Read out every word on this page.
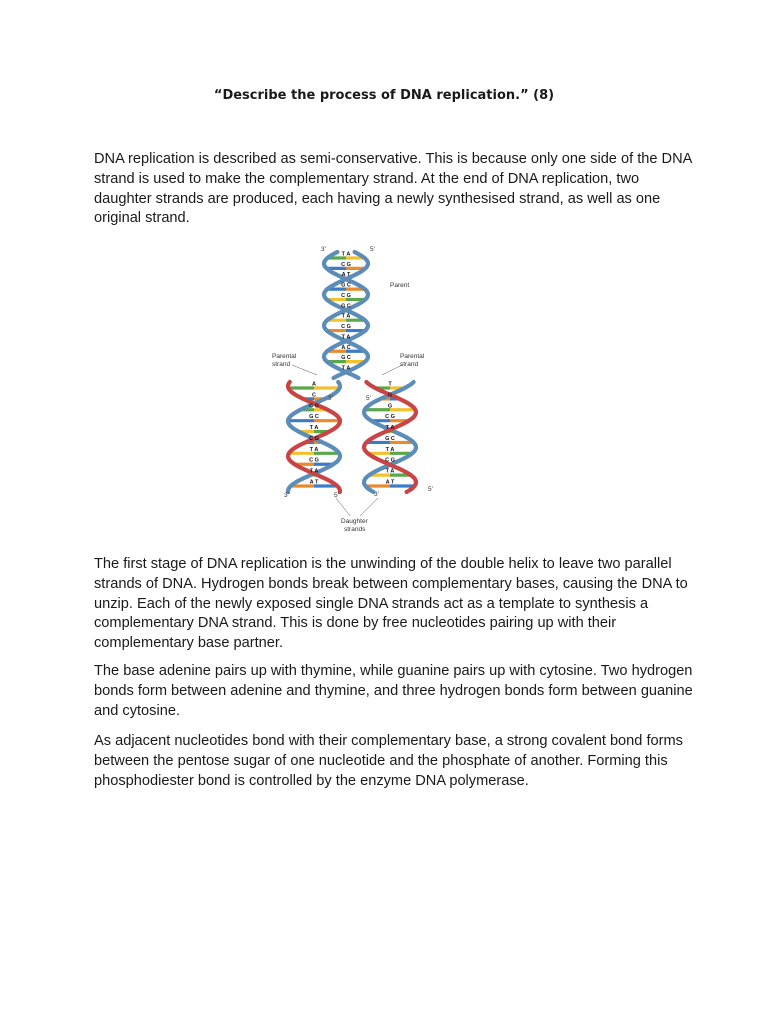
“Describe the process of DNA replication.” (8)

DNA replication is described as semi-conservative. This is because only one side of the DNA strand is used to make the complementary strand. At the end of DNA replication, two daughter strands are produced, each having a newly synthesised strand, as well as one original strand.

T A
C G
A T
G C
C G
G C
T A
C G
T A
A C
G C
T A
A
C
C G
G C
T A
C G
T A
C G
T A
A T
T
G
G
C G
T A
G C
T A
C G
T A
A T
3'	5'
Parent
Parental
strand
Parental
strand
3'	5'
3'	5'	3'
5'
Daughter
strands

The first stage of DNA replication is the unwinding of the double helix to leave two parallel strands of DNA. Hydrogen bonds break between complementary bases, causing the DNA to unzip. Each of the newly exposed single DNA strands act as a template to synthesis a complementary DNA strand. This is done by free nucleotides pairing up with their complementary base partner.

The base adenine pairs up with thymine, while guanine pairs up with cytosine. Two hydrogen bonds form between adenine and thymine, and three hydrogen bonds form between guanine and cytosine.

As adjacent nucleotides bond with their complementary base, a strong covalent bond forms between the pentose sugar of one nucleotide and the phosphate of another. Forming this phosphodiester bond is controlled by the enzyme DNA polymerase.
